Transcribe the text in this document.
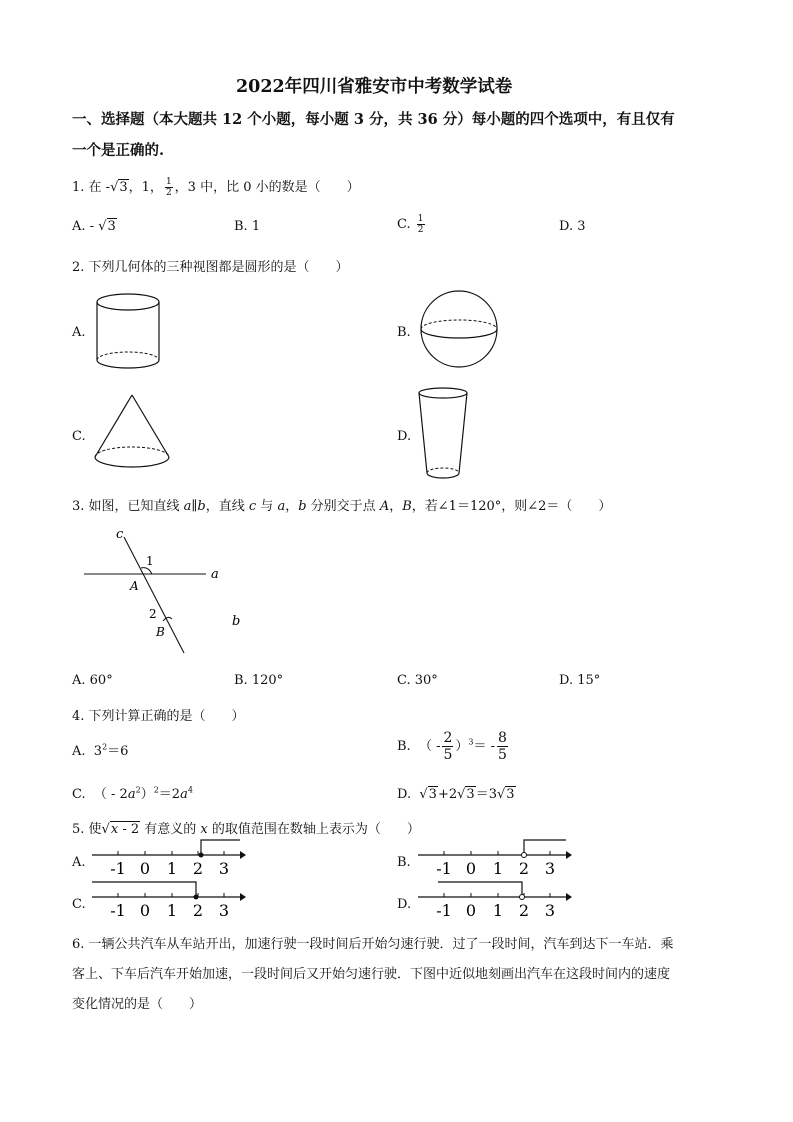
2022年四川省雅安市中考数学试卷
一、选择题（本大题共 12 个小题，每小题 3 分，共 36 分）每小题的四个选项中，有且仅有
一个是正确的.
1. 在 -√3，1， $\frac{1}{2}$ ，3 中，比 0 小的数是（　　）
A. - √3	B. 1	C. $\frac{1}{2}$	D. 3
2. 下列几何体的三种视图都是圆形的是（　　）
A.	B.
C.	D.
3. 如图，已知直线 a∥b，直线 c 与 a，b 分别交于点 A，B，若∠1＝120°，则∠2＝（　　）
c
1
a
A
2
B
b
A. 60°	B. 120°	C. 30°	D. 15°
4. 下列计算正确的是（　　）
A. $3^2=6$	B. （ - $\frac{2}{5} )^3= - \frac{8}{5}$
C. （ - $2a^2)^2=2a^4$	D. √3+2√3＝3√3
5. 使√x - 2 有意义的 x 的取值范围在数轴上表示为（　　）
A.	B.
C.	D.
-1 0 1 2 3	-1 0 1 2 3
-1 0 1 2 3	-1 0 1 2 3
6. 一辆公共汽车从车站开出，加速行驶一段时间后开始匀速行驶．过了一段时间，汽车到达下一车站．乘
客上、下车后汽车开始加速，一段时间后又开始匀速行驶．下图中近似地刻画出汽车在这段时间内的速度
变化情况的是（　　）
